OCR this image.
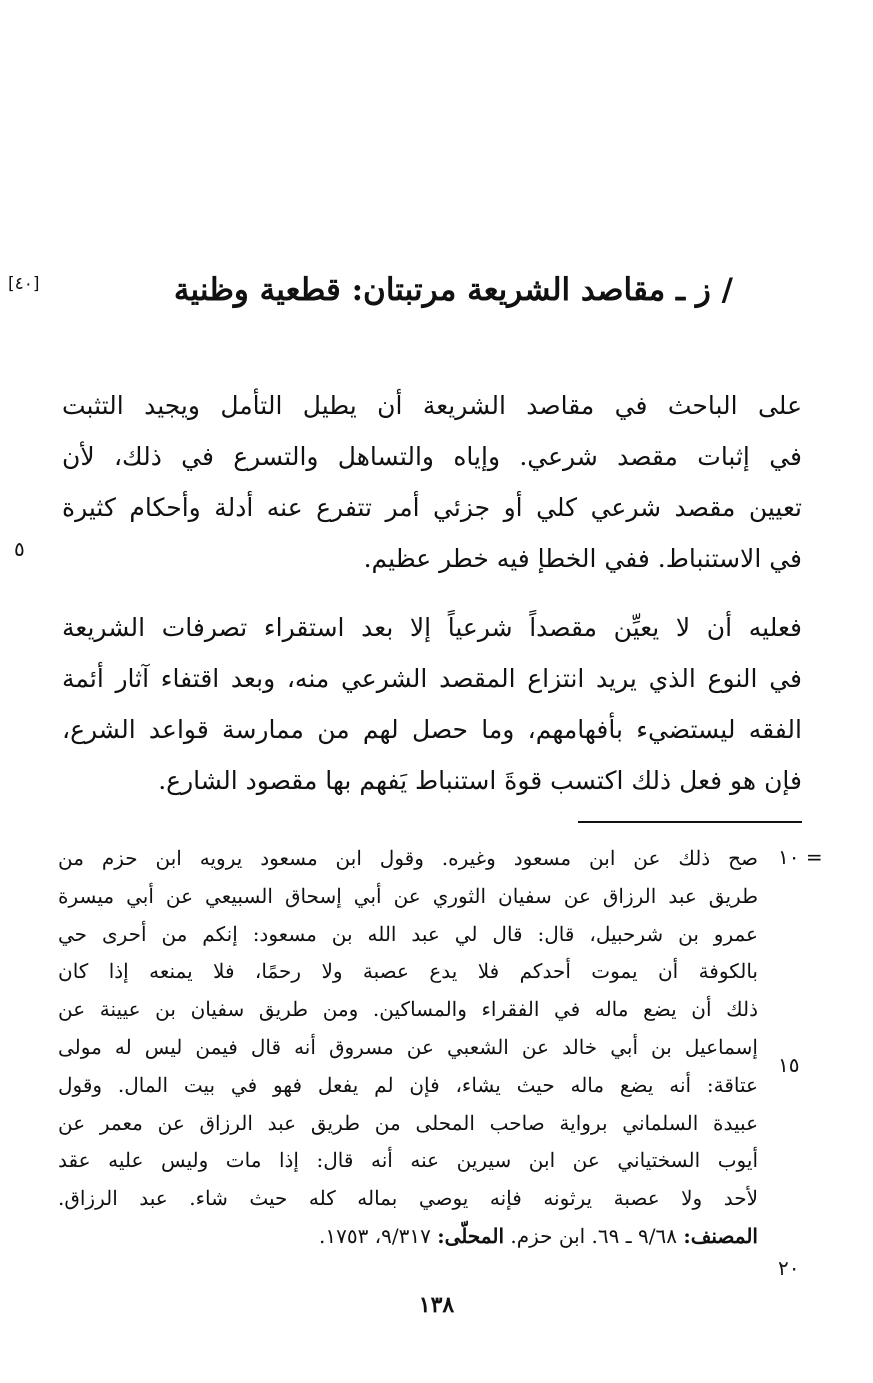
/ ز ـ مقاصد الشريعة مرتبتان: قطعية وظنية
[٤٠]
على الباحث في مقاصد الشريعة أن يطيل التأمل ويجيد التثبت
في إثبات مقصد شرعي. وإياه والتساهل والتسرع في ذلك، لأن
تعيين مقصد شرعي كلي أو جزئي أمر تتفرع عنه أدلة وأحكام كثيرة
في الاستنباط. ففي الخطإ فيه خطر عظيم.
٥
فعليه أن لا يعيِّن مقصداً شرعياً إلا بعد استقراء تصرفات الشريعة
في النوع الذي يريد انتزاع المقصد الشرعي منه، وبعد اقتفاء آثار أئمة
الفقه ليستضيء بأفهامهم، وما حصل لهم من ممارسة قواعد الشرع،
فإن هو فعل ذلك اكتسب قوةَ استنباط يَفهم بها مقصود الشارع.
١٠ =
١٥
٢٠
صح ذلك عن ابن مسعود وغيره. وقول ابن مسعود يرويه ابن حزم من
طريق عبد الرزاق عن سفيان الثوري عن أبي إسحاق السبيعي عن أبي ميسرة
عمرو بن شرحبيل، قال: قال لي عبد الله بن مسعود: إنكم من أحرى حي
بالكوفة أن يموت أحدكم فلا يدع عصبة ولا رحمًا، فلا يمنعه إذا كان
ذلك أن يضع ماله في الفقراء والمساكين. ومن طريق سفيان بن عيينة عن
إسماعيل بن أبي خالد عن الشعبي عن مسروق أنه قال فيمن ليس له مولى
عتاقة: أنه يضع ماله حيث يشاء، فإن لم يفعل فهو في بيت المال. وقول
عبيدة السلماني برواية صاحب المحلى من طريق عبد الرزاق عن معمر عن
أيوب السختياني عن ابن سيرين عنه أنه قال: إذا مات وليس عليه عقد
لأحد ولا عصبة يرثونه فإنه يوصي بماله كله حيث شاء. عبد الرزاق.
المصنف: ٩/٦٨ ـ ٦٩. ابن حزم. المحلّى: ٩/٣١٧، ١٧٥٣.
١٣٨
